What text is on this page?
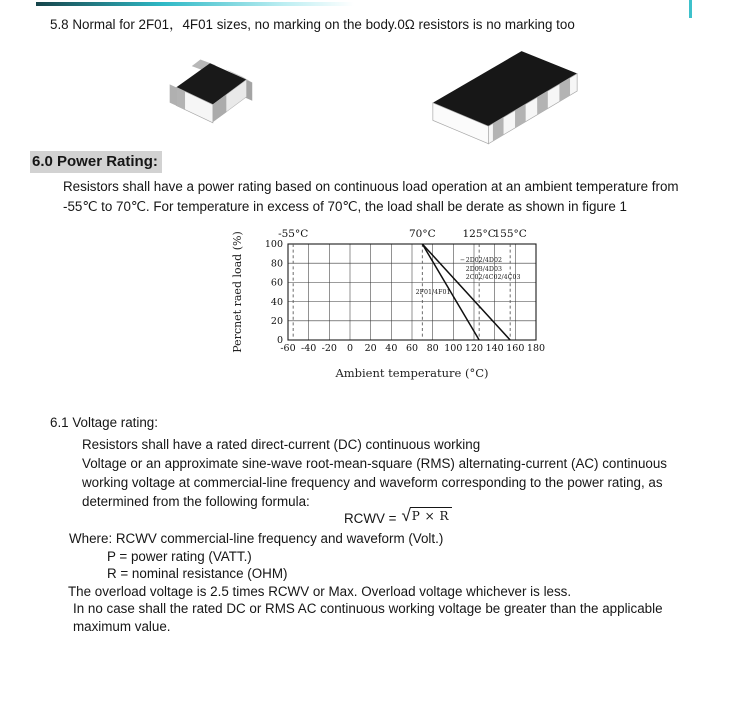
5.8 Normal for 2F01，4F01 sizes, no marking on the body.0Ω resistors is no marking too
6.0 Power Rating:
Resistors shall have a power rating based on continuous load operation at an ambient temperature from
-55℃ to 70℃. For temperature in excess of 70℃, the load shall be derate as shown in figure 1
0
20
40
60
80
100
-60 -40 -20 0 20 40 60 80 100 120 140 160 180
-55°C	70°C	125°C
155°C
2F01/4F01
2D02/4D02
2D03/4D03
2C02/4C02/4C03
Ambient temperature (°C)
Percnet raed load (%)
6.1 Voltage rating:
Resistors shall have a rated direct-current (DC) continuous working
Voltage or an approximate sine-wave root-mean-square (RMS) alternating-current (AC) continuous
working voltage at commercial-line frequency and waveform corresponding to the power rating, as
determined from the following formula:
RCWV = √ P × R
Where: RCWV commercial-line frequency and waveform (Volt.)
P = power rating (VATT.)
R = nominal resistance (OHM)
The overload voltage is 2.5 times RCWV or Max. Overload voltage whichever is less.
In no case shall the rated DC or RMS AC continuous working voltage be greater than the applicable
maximum value.
